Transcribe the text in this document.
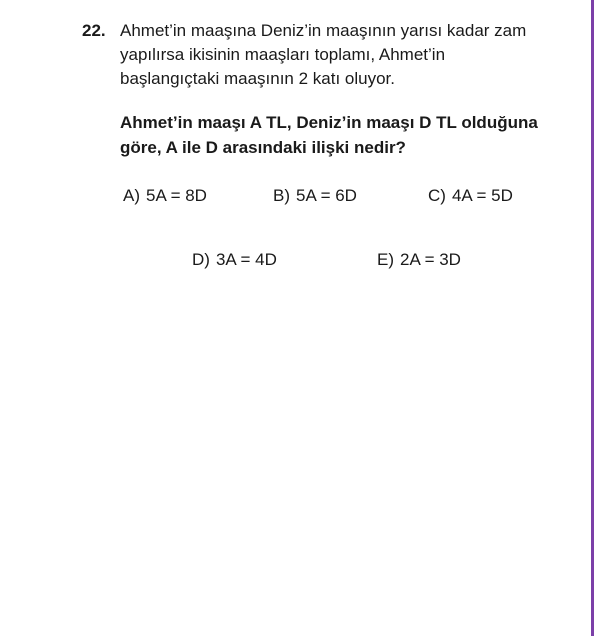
22. Ahmet’in maaşına Deniz’in maaşının yarısı kadar zam
yapılırsa ikisinin maaşları toplamı, Ahmet’in
başlangıçtaki maaşının 2 katı oluyor.
Ahmet’in maaşı A TL, Deniz’in maaşı D TL olduğuna
göre, A ile D arasındaki ilişki nedir?
A) 5A = 8D	B) 5A = 6D	C) 4A = 5D
D) 3A = 4D	E) 2A = 3D
